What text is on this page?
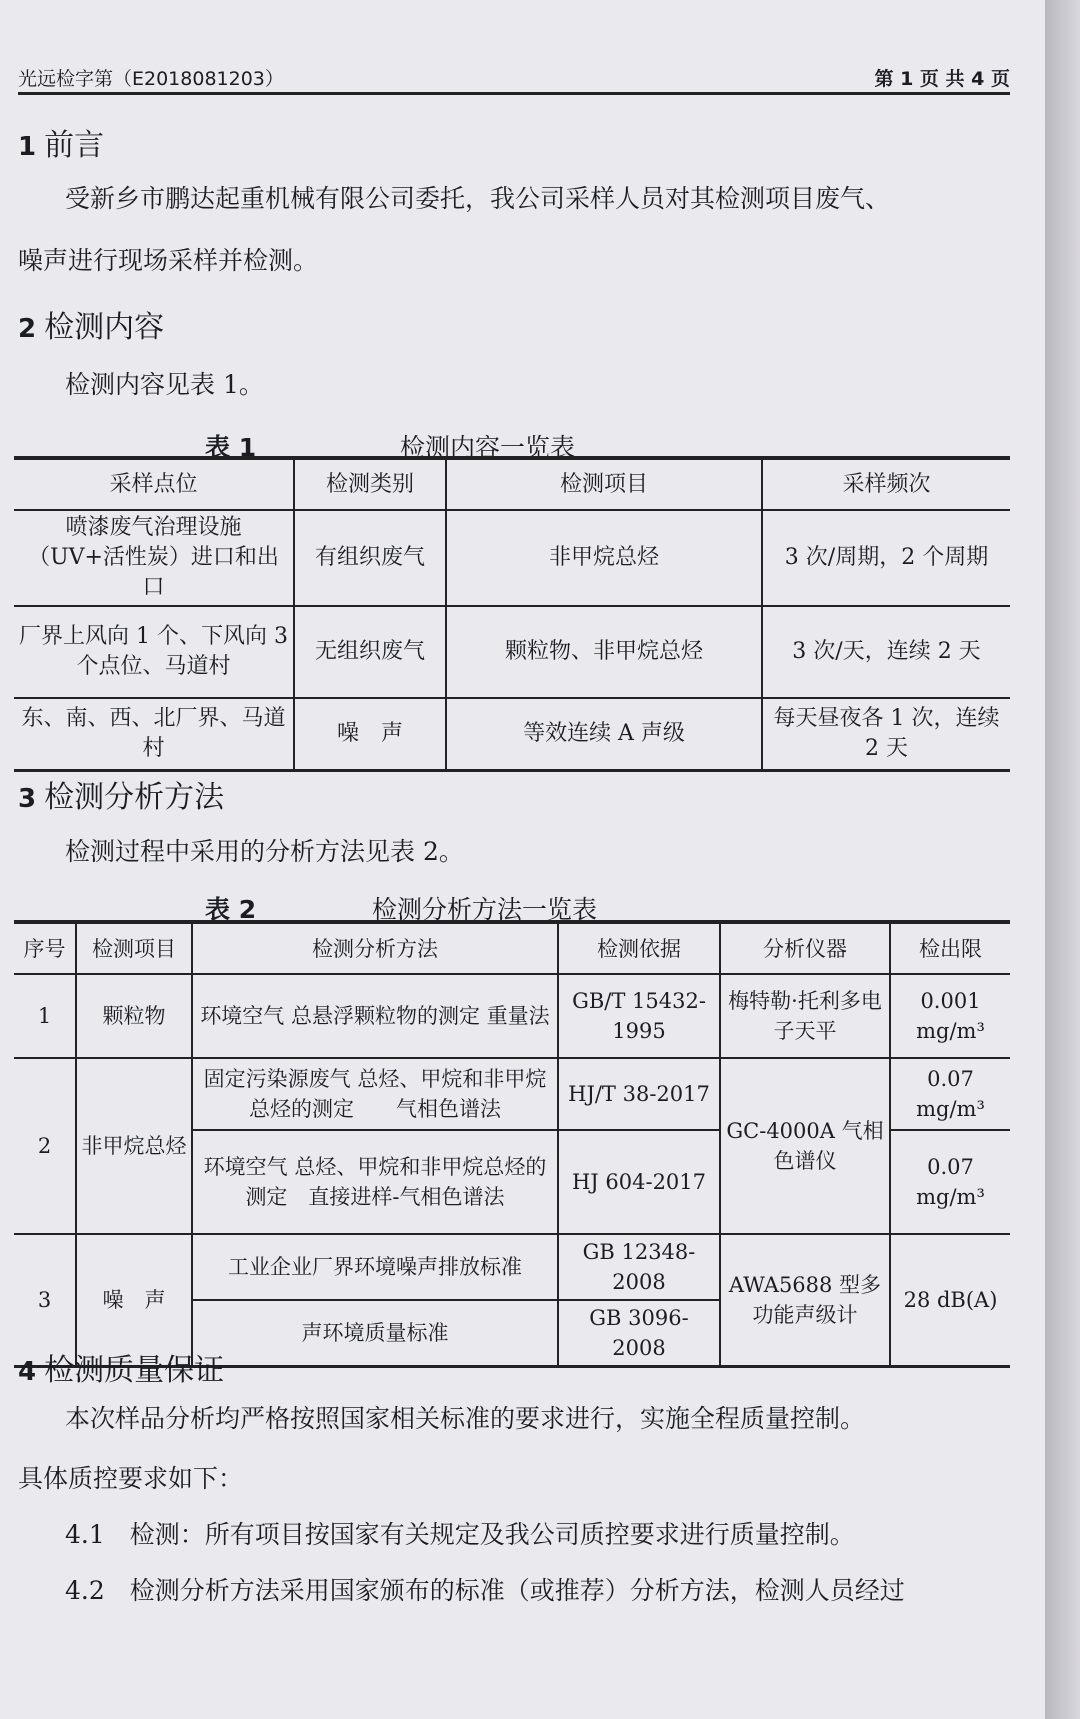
光远检字第（E2018081203）	第 1 页 共 4 页
1 前言
受新乡市鹏达起重机械有限公司委托，我公司采样人员对其检测项目废气、
噪声进行现场采样并检测。
2 检测内容
检测内容见表 1。
表 1	检测内容一览表
采样点位	检测类别	检测项目	采样频次
喷漆废气治理设施（UV+活性炭）进口和出口	有组织废气	非甲烷总烃	3 次/周期，2 个周期
厂界上风向 1 个、下风向 3 个点位、马道村	无组织废气	颗粒物、非甲烷总烃	3 次/天，连续 2 天
东、南、西、北厂界、马道村	噪　声	等效连续 A 声级	每天昼夜各 1 次，连续 2 天
3 检测分析方法
检测过程中采用的分析方法见表 2。
表 2	检测分析方法一览表
序号	检测项目	检测分析方法	检测依据	分析仪器	检出限
1	颗粒物	环境空气 总悬浮颗粒物的测定 重量法	GB/T 15432-1995	梅特勒·托利多电子天平	0.001 mg/m³
2	非甲烷总烃	固定污染源废气 总烃、甲烷和非甲烷总烃的测定　　气相色谱法	HJ/T 38-2017	GC-4000A 气相色谱仪	0.07 mg/m³
		环境空气 总烃、甲烷和非甲烷总烃的测定　直接进样-气相色谱法	HJ 604-2017		0.07 mg/m³
3	噪　声	工业企业厂界环境噪声排放标准	GB 12348-2008	AWA5688 型多功能声级计	28 dB(A)
		声环境质量标准	GB 3096-2008		
4 检测质量保证
本次样品分析均严格按照国家相关标准的要求进行，实施全程质量控制。
具体质控要求如下：
4.1　检测：所有项目按国家有关规定及我公司质控要求进行质量控制。
4.2　检测分析方法采用国家颁布的标准（或推荐）分析方法，检测人员经过
